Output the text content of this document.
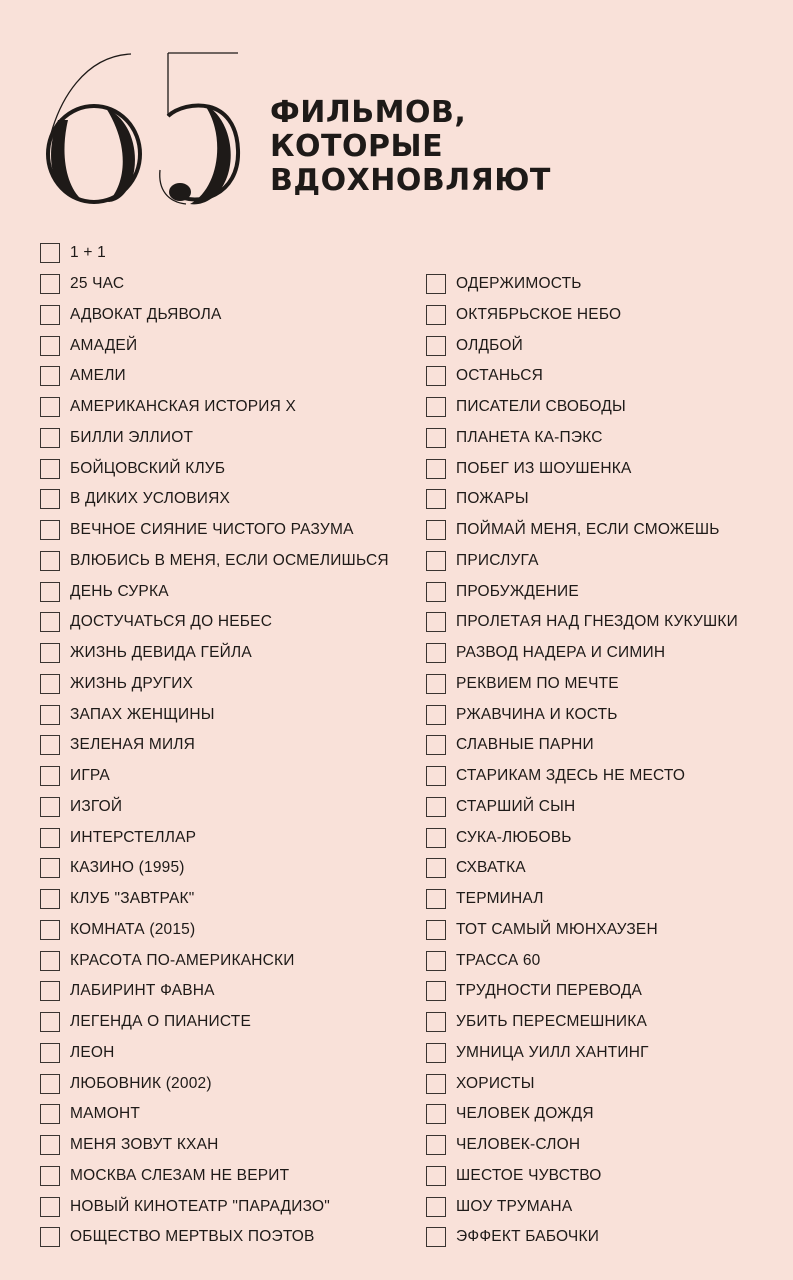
ФИЛЬМОВ,
КОТОРЫЕ
ВДОХНОВЛЯЮТ
1 + 1
25 ЧАС
АДВОКАТ ДЬЯВОЛА
АМАДЕЙ
АМЕЛИ
АМЕРИКАНСКАЯ ИСТОРИЯ X
БИЛЛИ ЭЛЛИОТ
БОЙЦОВСКИЙ КЛУБ
В ДИКИХ УСЛОВИЯХ
ВЕЧНОЕ СИЯНИЕ ЧИСТОГО РАЗУМА
ВЛЮБИСЬ В МЕНЯ, ЕСЛИ ОСМЕЛИШЬСЯ
ДЕНЬ СУРКА
ДОСТУЧАТЬСЯ ДО НЕБЕС
ЖИЗНЬ ДЕВИДА ГЕЙЛА
ЖИЗНЬ ДРУГИХ
ЗАПАХ ЖЕНЩИНЫ
ЗЕЛЕНАЯ МИЛЯ
ИГРА
ИЗГОЙ
ИНТЕРСТЕЛЛАР
КАЗИНО (1995)
КЛУБ "ЗАВТРАК"
КОМНАТА (2015)
КРАСОТА ПО-АМЕРИКАНСКИ
ЛАБИРИНТ ФАВНА
ЛЕГЕНДА О ПИАНИСТЕ
ЛЕОН
ЛЮБОВНИК (2002)
МАМОНТ
МЕНЯ ЗОВУТ КХАН
МОСКВА СЛЕЗАМ НЕ ВЕРИТ
НОВЫЙ КИНОТЕАТР "ПАРАДИЗО"
ОБЩЕСТВО МЕРТВЫХ ПОЭТОВ
ОДЕРЖИМОСТЬ
ОКТЯБРЬСКОЕ НЕБО
ОЛДБОЙ
ОСТАНЬСЯ
ПИСАТЕЛИ СВОБОДЫ
ПЛАНЕТА КА-ПЭКС
ПОБЕГ ИЗ ШОУШЕНКА
ПОЖАРЫ
ПОЙМАЙ МЕНЯ, ЕСЛИ СМОЖЕШЬ
ПРИСЛУГА
ПРОБУЖДЕНИЕ
ПРОЛЕТАЯ НАД ГНЕЗДОМ КУКУШКИ
РАЗВОД НАДЕРА И СИМИН
РЕКВИЕМ ПО МЕЧТЕ
РЖАВЧИНА И КОСТЬ
СЛАВНЫЕ ПАРНИ
СТАРИКАМ ЗДЕСЬ НЕ МЕСТО
СТАРШИЙ СЫН
СУКА-ЛЮБОВЬ
СХВАТКА
ТЕРМИНАЛ
ТОТ САМЫЙ МЮНХАУЗЕН
ТРАССА 60
ТРУДНОСТИ ПЕРЕВОДА
УБИТЬ ПЕРЕСМЕШНИКА
УМНИЦА УИЛЛ ХАНТИНГ
ХОРИСТЫ
ЧЕЛОВЕК ДОЖДЯ
ЧЕЛОВЕК-СЛОН
ШЕСТОЕ ЧУВСТВО
ШОУ ТРУМАНА
ЭФФЕКТ БАБОЧКИ
